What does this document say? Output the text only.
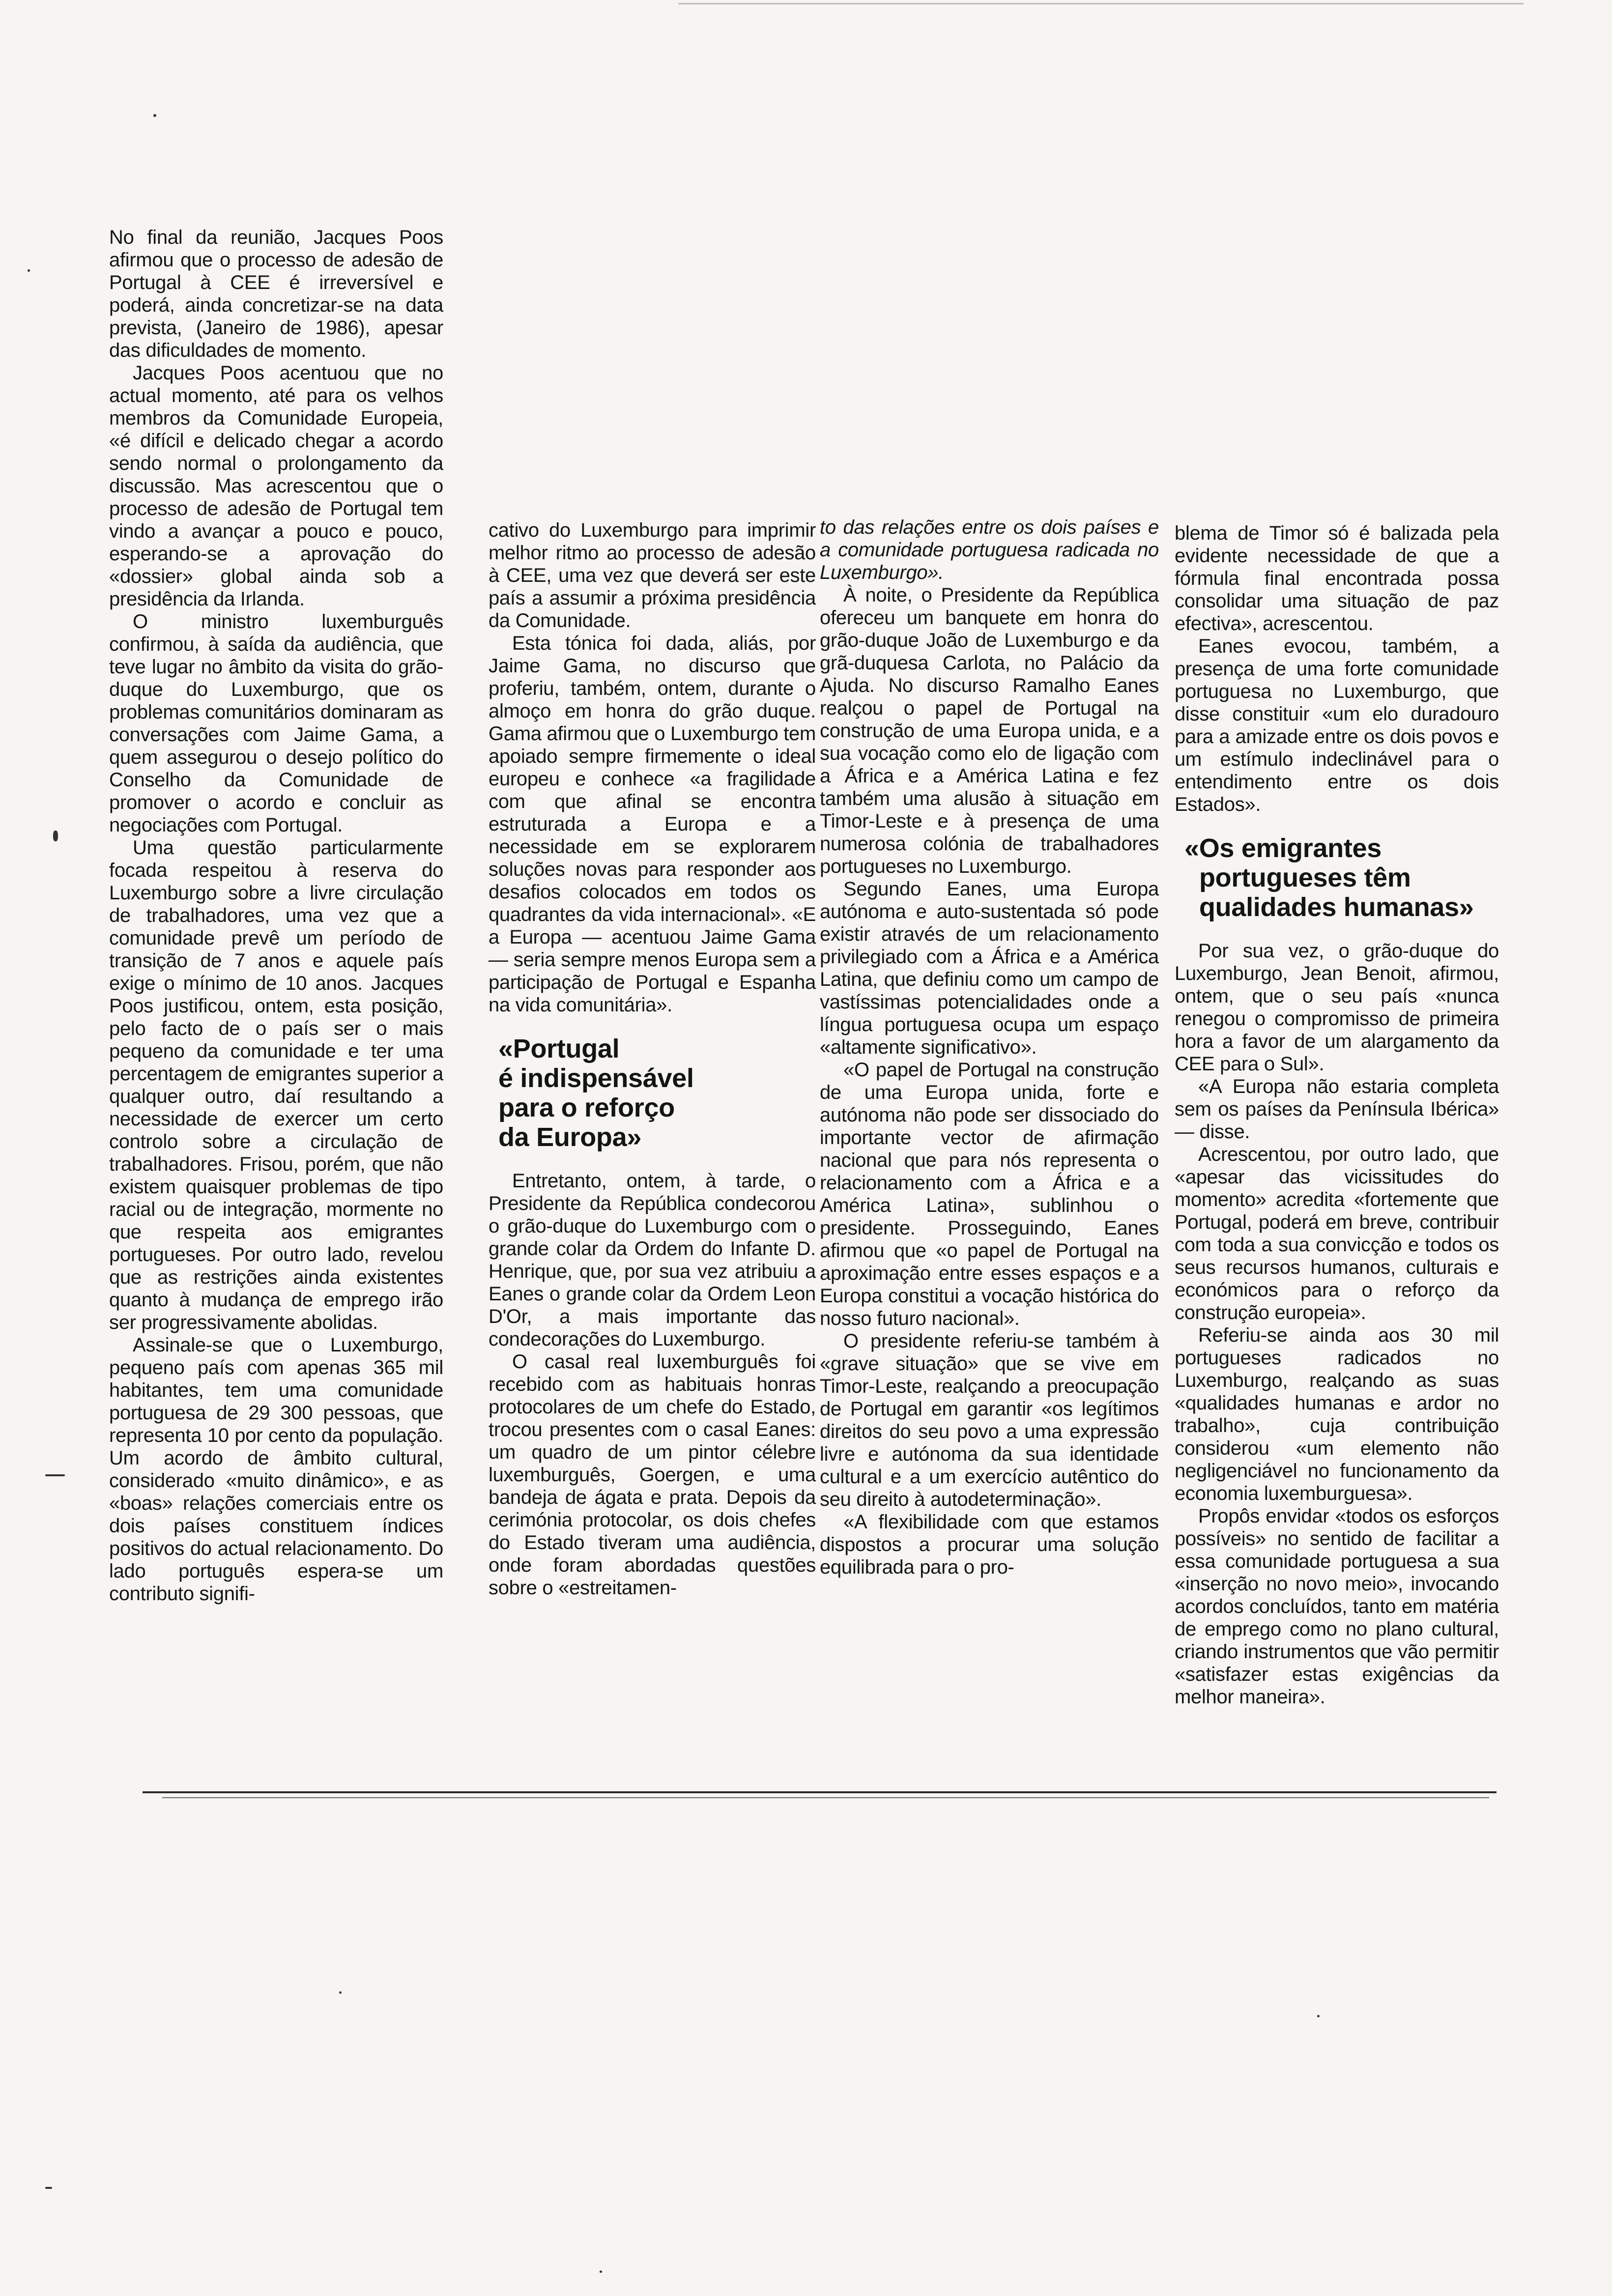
No final da reunião, Jacques Poos afirmou que o processo de adesão de Portugal à CEE é irreversível e poderá, ainda concretizar-se na data prevista, (Janeiro de 1986), apesar das dificuldades de momento.

Jacques Poos acentuou que no actual momento, até para os velhos membros da Comunidade Europeia, «é difícil e delicado chegar a acordo sendo normal o prolongamento da discussão. Mas acrescentou que o processo de adesão de Portugal tem vindo a avançar a pouco e pouco, esperando-se a aprovação do «dossier» global ainda sob a presidência da Irlanda.

O ministro luxemburguês confirmou, à saída da audiência, que teve lugar no âmbito da visita do grão-duque do Luxemburgo, que os problemas comunitários dominaram as conversações com Jaime Gama, a quem assegurou o desejo político do Conselho da Comunidade de promover o acordo e concluir as negociações com Portugal.

Uma questão particularmente focada respeitou à reserva do Luxemburgo sobre a livre circulação de trabalhadores, uma vez que a comunidade prevê um período de transição de 7 anos e aquele país exige o mínimo de 10 anos. Jacques Poos justificou, ontem, esta posição, pelo facto de o país ser o mais pequeno da comunidade e ter uma percentagem de emigrantes superior a qualquer outro, daí resultando a necessidade de exercer um certo controlo sobre a circulação de trabalhadores. Frisou, porém, que não existem quaisquer problemas de tipo racial ou de integração, mormente no que respeita aos emigrantes portugueses. Por outro lado, revelou que as restrições ainda existentes quanto à mudança de emprego irão ser progressivamente abolidas.

Assinale-se que o Luxemburgo, pequeno país com apenas 365 mil habitantes, tem uma comunidade portuguesa de 29 300 pessoas, que representa 10 por cento da população. Um acordo de âmbito cultural, considerado «muito dinâmico», e as «boas» relações comerciais entre os dois países constituem índices positivos do actual relacionamento. Do lado português espera-se um contributo signifi-

cativo do Luxemburgo para imprimir melhor ritmo ao processo de adesão à CEE, uma vez que deverá ser este país a assumir a próxima presidência da Comunidade.

Esta tónica foi dada, aliás, por Jaime Gama, no discurso que proferiu, também, ontem, durante o almoço em honra do grão duque. Gama afirmou que o Luxemburgo tem apoiado sempre firmemente o ideal europeu e conhece «a fragilidade com que afinal se encontra estruturada a Europa e a necessidade em se explorarem soluções novas para responder aos desafios colocados em todos os quadrantes da vida internacional». «E a Europa — acentuou Jaime Gama — seria sempre menos Europa sem a participação de Portugal e Espanha na vida comunitária».

«Portugal
é indispensável
para o reforço
da Europa»

Entretanto, ontem, à tarde, o Presidente da República condecorou o grão-duque do Luxemburgo com o grande colar da Ordem do Infante D. Henrique, que, por sua vez atribuiu a Eanes o grande colar da Ordem Leon D'Or, a mais importante das condecorações do Luxemburgo.

O casal real luxemburguês foi recebido com as habituais honras protocolares de um chefe do Estado, trocou presentes com o casal Eanes: um quadro de um pintor célebre luxemburguês, Goergen, e uma bandeja de ágata e prata. Depois da cerimónia protocolar, os dois chefes do Estado tiveram uma audiência, onde foram abordadas questões sobre o «estreitamen-

to das relações entre os dois países e a comunidade portuguesa radicada no Luxemburgo».

À noite, o Presidente da República ofereceu um banquete em honra do grão-duque João de Luxemburgo e da grã-duquesa Carlota, no Palácio da Ajuda. No discurso Ramalho Eanes realçou o papel de Portugal na construção de uma Europa unida, e a sua vocação como elo de ligação com a África e a América Latina e fez também uma alusão à situação em Timor-Leste e à presença de uma numerosa colónia de trabalhadores portugueses no Luxemburgo.

Segundo Eanes, uma Europa autónoma e auto-sustentada só pode existir através de um relacionamento privilegiado com a África e a América Latina, que definiu como um campo de vastíssimas potencialidades onde a língua portuguesa ocupa um espaço «altamente significativo».

«O papel de Portugal na construção de uma Europa unida, forte e autónoma não pode ser dissociado do importante vector de afirmação nacional que para nós representa o relacionamento com a África e a América Latina», sublinhou o presidente. Prosseguindo, Eanes afirmou que «o papel de Portugal na aproximação entre esses espaços e a Europa constitui a vocação histórica do nosso futuro nacional».

O presidente referiu-se também à «grave situação» que se vive em Timor-Leste, realçando a preocupação de Portugal em garantir «os legítimos direitos do seu povo a uma expressão livre e autónoma da sua identidade cultural e a um exercício autêntico do seu direito à autodeterminação».

«A flexibilidade com que estamos dispostos a procurar uma solução equilibrada para o pro-

blema de Timor só é balizada pela evidente necessidade de que a fórmula final encontrada possa consolidar uma situação de paz efectiva», acrescentou.

Eanes evocou, também, a presença de uma forte comunidade portuguesa no Luxemburgo, que disse constituir «um elo duradouro para a amizade entre os dois povos e um estímulo indeclinável para o entendimento entre os dois Estados».

«Os emigrantes
portugueses têm
qualidades humanas»

Por sua vez, o grão-duque do Luxemburgo, Jean Benoit, afirmou, ontem, que o seu país «nunca renegou o compromisso de primeira hora a favor de um alargamento da CEE para o Sul».

«A Europa não estaria completa sem os países da Península Ibérica» — disse.

Acrescentou, por outro lado, que «apesar das vicissitudes do momento» acredita «fortemente que Portugal, poderá em breve, contribuir com toda a sua convicção e todos os seus recursos humanos, culturais e económicos para o reforço da construção europeia».

Referiu-se ainda aos 30 mil portugueses radicados no Luxemburgo, realçando as suas «qualidades humanas e ardor no trabalho», cuja contribuição considerou «um elemento não negligenciável no funcionamento da economia luxemburguesa».

Propôs envidar «todos os esforços possíveis» no sentido de facilitar a essa comunidade portuguesa a sua «inserção no novo meio», invocando acordos concluídos, tanto em matéria de emprego como no plano cultural, criando instrumentos que vão permitir «satisfazer estas exigências da melhor maneira».
